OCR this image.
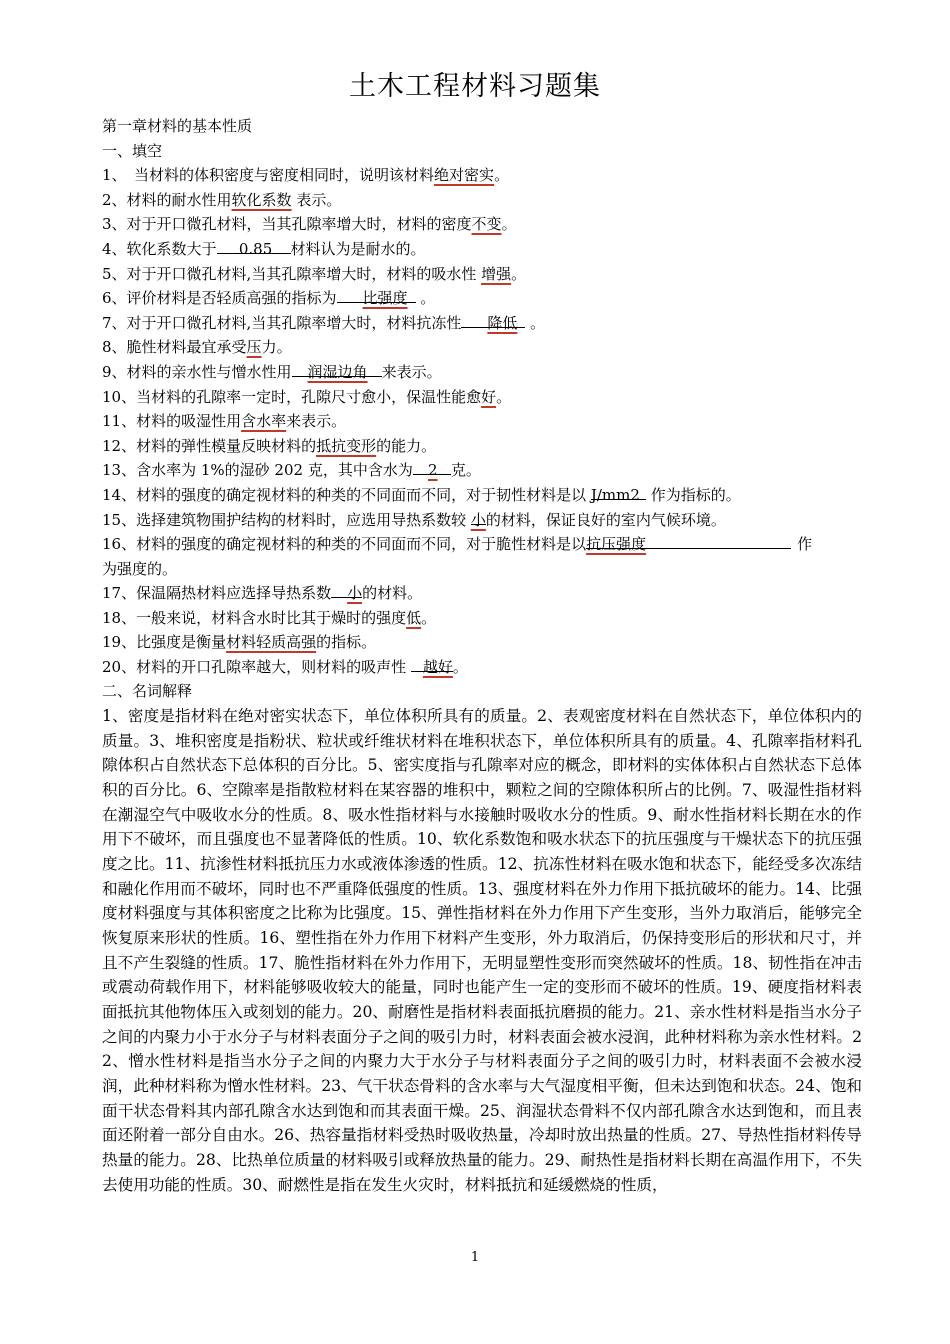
土木工程材料习题集
第一章材料的基本性质
一、填空
1、　当材料的体积密度与密度相同时，说明该材料绝对密实。
2、材料的耐水性用软化系数 表示。
3、对于开口微孔材料，当其孔隙率增大时，材料的密度不变。
4、软化系数大于 0.85 材料认为是耐水的。
5、对于开口微孔材料,当其孔隙率增大时，材料的吸水性 增强。
6、评价材料是否轻质高强的指标为 比强度 。
7、对于开口微孔材料,当其孔隙率增大时，材料抗冻性 降低 。
8、脆性材料最宜承受压力。
9、材料的亲水性与憎水性用 润湿边角 来表示。
10、当材料的孔隙率一定时，孔隙尺寸愈小，保温性能愈好。
11、材料的吸湿性用含水率来表示。
12、材料的弹性模量反映材料的抵抗变形的能力。
13、含水率为 1%的湿砂 202 克，其中含水为 2 克。
14、材料的强度的确定视材料的种类的不同面而不同，对于韧性材料是以 J/mm2 作为指标的。
15、选择建筑物围护结构的材料时，应选用导热系数较 小的材料，保证良好的室内气候环境。
16、材料的强度的确定视材料的种类的不同面而不同，对于脆性材料是以抗压强度	作
为强度的。
17、保温隔热材料应选择导热系数 小的材料。
18、一般来说，材料含水时比其于燥时的强度低。
19、比强度是衡量材料轻质高强的指标。
20、材料的开口孔隙率越大，则材料的吸声性 越好。
二、名词解释
1、密度是指材料在绝对密实状态下，单位体积所具有的质量。2、表观密度材料在自然状态下，单位体积内的质量。3、堆积密度是指粉状、粒状或纤维状材料在堆积状态下，单位体积所具有的质量。4、孔隙率指材料孔隙体积占自然状态下总体积的百分比。5、密实度指与孔隙率对应的概念，即材料的实体体积占自然状态下总体积的百分比。6、空隙率是指散粒材料在某容器的堆积中，颗粒之间的空隙体积所占的比例。7、吸湿性指材料在潮湿空气中吸收水分的性质。8、吸水性指材料与水接触时吸收水分的性质。9、耐水性指材料长期在水的作用下不破坏，而且强度也不显著降低的性质。10、软化系数饱和吸水状态下的抗压强度与干燥状态下的抗压强度之比。11、抗渗性材料抵抗压力水或液体渗透的性质。12、抗冻性材料在吸水饱和状态下，能经受多次冻结和融化作用而不破坏，同时也不严重降低强度的性质。13、强度材料在外力作用下抵抗破坏的能力。14、比强度材料强度与其体积密度之比称为比强度。15、弹性指材料在外力作用下产生变形，当外力取消后，能够完全恢复原来形状的性质。16、塑性指在外力作用下材料产生变形，外力取消后，仍保持变形后的形状和尺寸，并且不产生裂缝的性质。17、脆性指材料在外力作用下，无明显塑性变形而突然破坏的性质。18、韧性指在冲击或震动荷载作用下，材料能够吸收较大的能量，同时也能产生一定的变形而不破坏的性质。19、硬度指材料表面抵抗其他物体压入或刻划的能力。20、耐磨性是指材料表面抵抗磨损的能力。21、亲水性材料是指当水分子之间的内聚力小于水分子与材料表面分子之间的吸引力时，材料表面会被水浸润，此种材料称为亲水性材料。22、憎水性材料是指当水分子之间的内聚力大于水分子与材料表面分子之间的吸引力时，材料表面不会被水浸润，此种材料称为憎水性材料。23、气干状态骨料的含水率与大气湿度相平衡，但未达到饱和状态。24、饱和面干状态骨料其内部孔隙含水达到饱和而其表面干燥。25、润湿状态骨料不仅内部孔隙含水达到饱和，而且表面还附着一部分自由水。26、热容量指材料受热时吸收热量，冷却时放出热量的性质。27、导热性指材料传导热量的能力。28、比热单位质量的材料吸引或释放热量的能力。29、耐热性是指材料长期在高温作用下，不失去使用功能的性质。30、耐燃性是指在发生火灾时，材料抵抗和延缓燃烧的性质，
1
